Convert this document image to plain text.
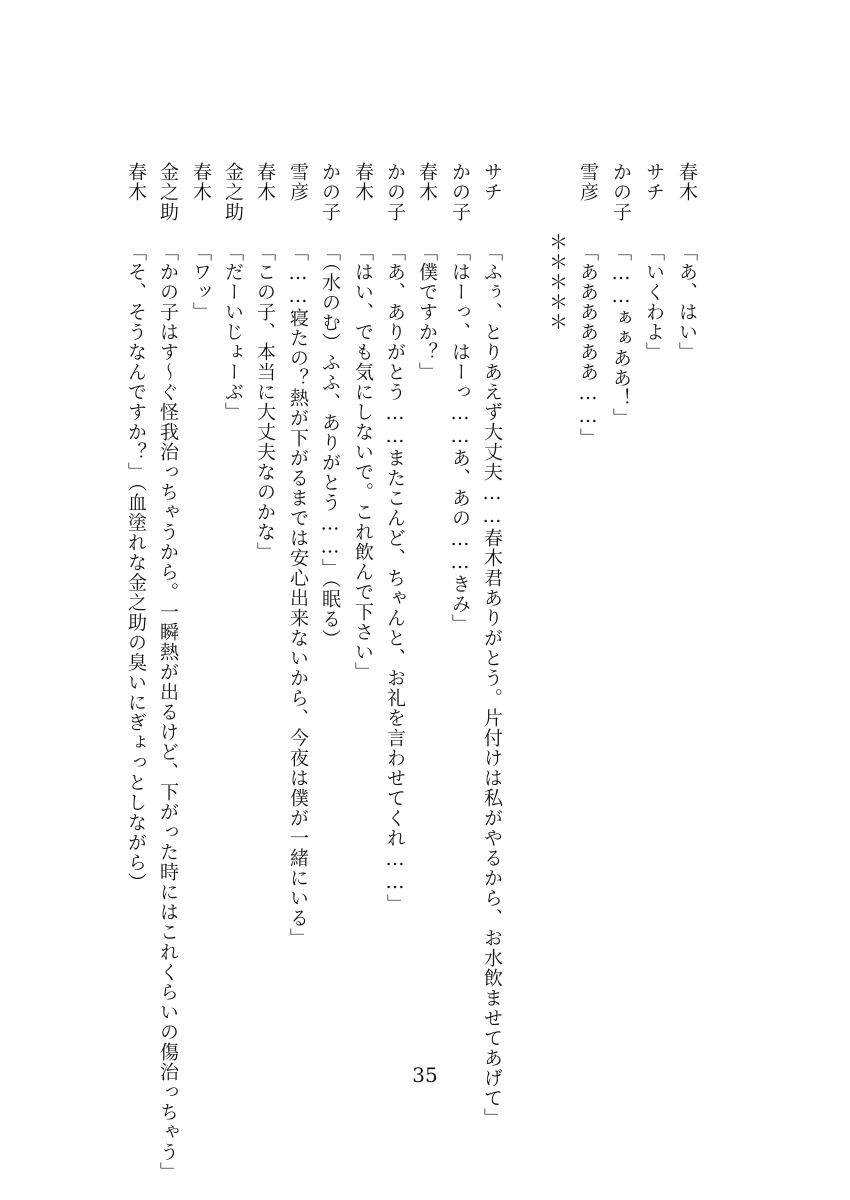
春木
「あ、はい」
サチ
「いくわよ」
かの子
「……ぁぁああ！」
雪彦
「ああああああ……」
＊＊＊＊＊
サチ
「ふぅ、とりあえず大丈夫……春木君ありがとう。片付けは私がやるから、お水飲ませてあげて」
かの子
「はーっ、はーっ……あ、あの……きみ」
春木
「僕ですか？」
かの子
「あ、ありがとう……またこんど、ちゃんと、お礼を言わせてくれ……」
春木
「はい、でも気にしないで。これ飲んで下さい」
かの子
「（水のむ）ふふ、ありがとう……」（眠る）
雪彦
「……寝たの？熱が下がるまでは安心出来ないから、今夜は僕が一緒にいる」
春木
「この子、本当に大丈夫なのかな」
金之助
「だーいじょーぶ」
春木
「ワッ」
金之助
「かの子はす〜ぐ怪我治っちゃうから。一瞬熱が出るけど、下がった時にはこれくらいの傷治っちゃう」
春木
「そ、そうなんですか？」（血塗れな金之助の臭いにぎょっとしながら）
35
